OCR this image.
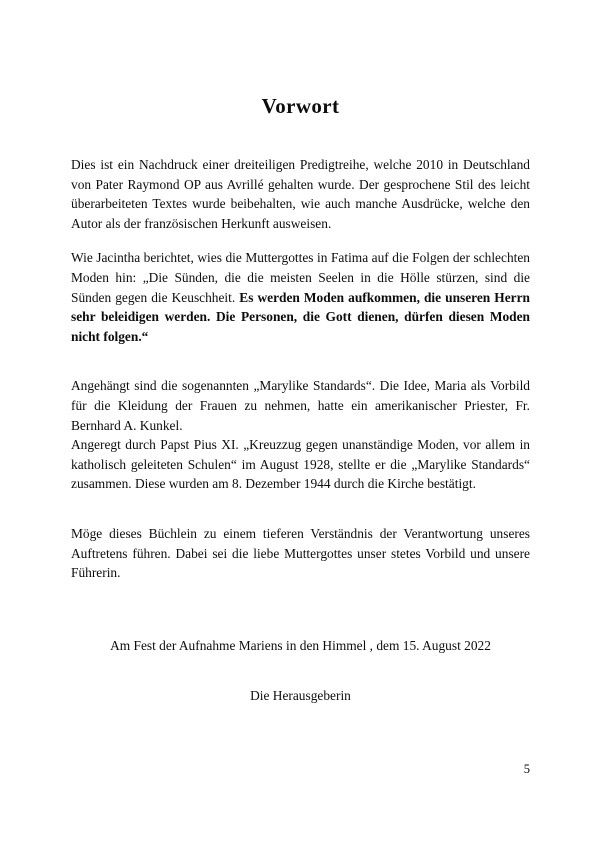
Vorwort

Dies ist ein Nachdruck einer dreiteiligen Predigtreihe, welche 2010 in Deutschland von Pater Raymond OP aus Avrillé gehalten wurde. Der gesprochene Stil des leicht überarbeiteten Textes wurde beibehalten, wie auch manche Ausdrücke, welche den Autor als der französischen Herkunft ausweisen.

Wie Jacintha berichtet, wies die Muttergottes in Fatima auf die Folgen der schlechten Moden hin: „Die Sünden, die die meisten Seelen in die Hölle stürzen, sind die Sünden gegen die Keuschheit. Es werden Moden aufkommen, die unseren Herrn sehr beleidigen werden. Die Personen, die Gott dienen, dürfen diesen Moden nicht folgen.“

Angehängt sind die sogenannten „Marylike Standards“. Die Idee, Maria als Vorbild für die Kleidung der Frauen zu nehmen, hatte ein amerikanischer Priester, Fr. Bernhard A. Kunkel.

Angeregt durch Papst Pius XI. „Kreuzzug gegen unanständige Moden, vor allem in katholisch geleiteten Schulen“ im August 1928, stellte er die „Marylike Standards“ zusammen. Diese wurden am 8. Dezember 1944 durch die Kirche bestätigt.

Möge dieses Büchlein zu einem tieferen Verständnis der Verantwortung unseres Auftretens führen. Dabei sei die liebe Muttergottes unser stetes Vorbild und unsere Führerin.

Am Fest der Aufnahme Mariens in den Himmel , dem 15. August 2022

Die Herausgeberin

5
